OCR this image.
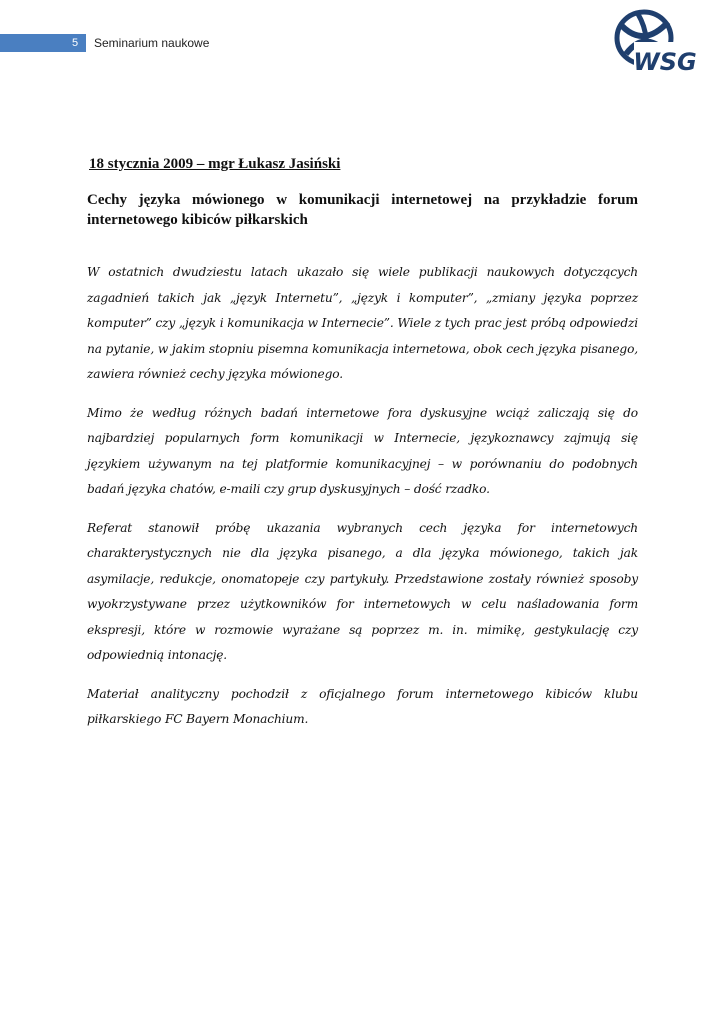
5	Seminarium naukowe
WSG
18 stycznia 2009 – mgr Łukasz Jasiński
Cechy języka mówionego w komunikacji internetowej na przykładzie forum internetowego kibiców piłkarskich

W ostatnich dwudziestu latach ukazało się wiele publikacji naukowych dotyczących zagadnień takich jak „język Internetu”, „język i komputer”, „zmiany języka poprzez komputer” czy „język i komunikacja w Internecie”. Wiele z tych prac jest próbą odpowiedzi na pytanie, w jakim stopniu pisemna komunikacja internetowa, obok cech języka pisanego, zawiera również cechy języka mówionego.

Mimo że według różnych badań internetowe fora dyskusyjne wciąż zaliczają się do najbardziej popularnych form komunikacji w Internecie, językoznawcy zajmują się językiem używanym na tej platformie komunikacyjnej – w porównaniu do podobnych badań języka chatów, e-maili czy grup dyskusyjnych – dość rzadko.

Referat stanowił próbę ukazania wybranych cech języka for internetowych charakterystycznych nie dla języka pisanego, a dla języka mówionego, takich jak asymilacje, redukcje, onomatopeje czy partykuły. Przedstawione zostały również sposoby wyokrzystywane przez użytkowników for internetowych w celu naśladowania form ekspresji, które w rozmowie wyrażane są poprzez m. in. mimikę, gestykulację czy odpowiednią intonację.

Materiał analityczny pochodził z oficjalnego forum internetowego kibiców klubu piłkarskiego FC Bayern Monachium.
